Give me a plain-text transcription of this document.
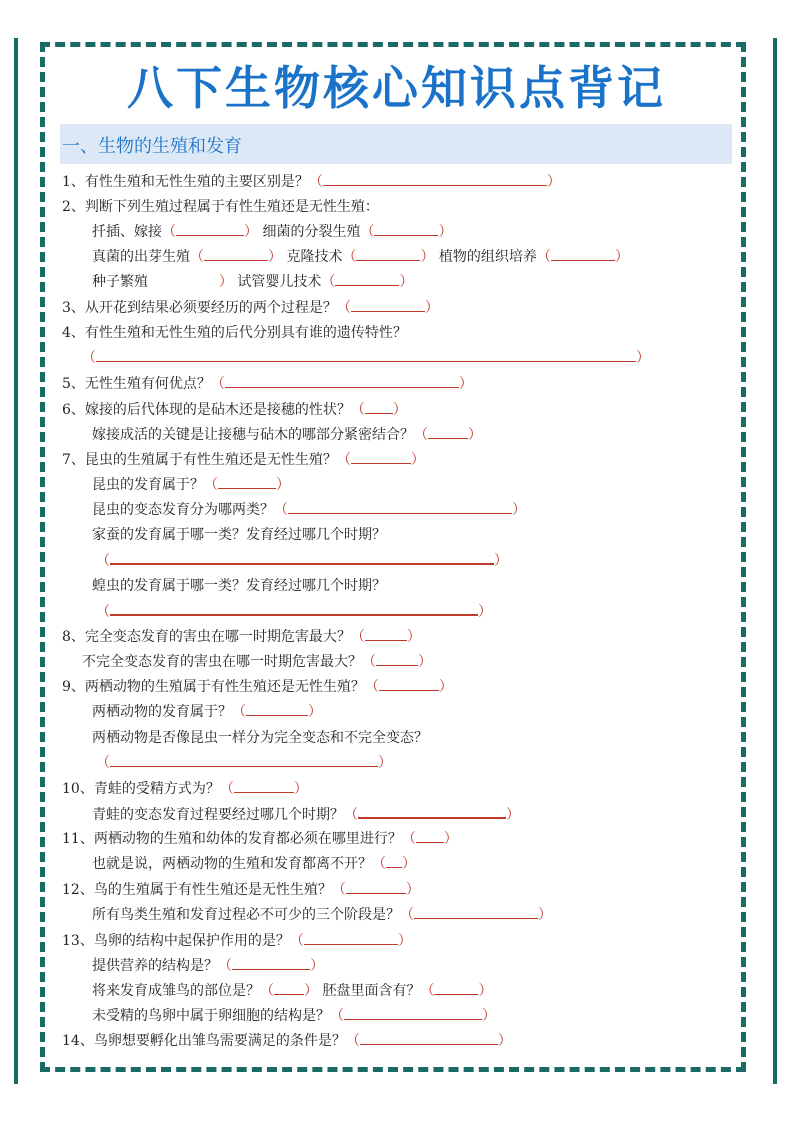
八下生物核心知识点背记
一、生物的生殖和发育
1、有性生殖和无性生殖的主要区别是？（	）
2、判断下列生殖过程属于有性生殖还是无性生殖：
扦插、嫁接（	） 细菌的分裂生殖（	）
真菌的出芽生殖（	） 克隆技术（	） 植物的组织培养（	）
种子繁殖	） 试管婴儿技术（	）
3、从开花到结果必须要经历的两个过程是？（	）
4、有性生殖和无性生殖的后代分别具有谁的遗传特性？
（	）
5、无性生殖有何优点？（	）
6、嫁接的后代体现的是砧木还是接穗的性状？（ ）
嫁接成活的关键是让接穗与砧木的哪部分紧密结合？（	）
7、昆虫的生殖属于有性生殖还是无性生殖？（	）
昆虫的发育属于？（	）
昆虫的变态发育分为哪两类？（	）
家蚕的发育属于哪一类？发育经过哪几个时期？
（	）
蝗虫的发育属于哪一类？发育经过哪几个时期？
（	）
8、完全变态发育的害虫在哪一时期危害最大？（	）
不完全变态发育的害虫在哪一时期危害最大？（	）
9、两栖动物的生殖属于有性生殖还是无性生殖？（	）
两栖动物的发育属于？（	）
两栖动物是否像昆虫一样分为完全变态和不完全变态？
（	）
10、青蛙的受精方式为？（	）
青蛙的变态发育过程要经过哪几个时期？（	）
11、两栖动物的生殖和幼体的发育都必须在哪里进行？（ ）
也就是说，两栖动物的生殖和发育都离不开？（ ）
12、鸟的生殖属于有性生殖还是无性生殖？（	）
所有鸟类生殖和发育过程必不可少的三个阶段是？（	）
13、鸟卵的结构中起保护作用的是？（	）
提供营养的结构是？（	）
将来发育成雏鸟的部位是？（ ） 胚盘里面含有？（	）
未受精的鸟卵中属于卵细胞的结构是？（	）
14、鸟卵想要孵化出雏鸟需要满足的条件是？（	）
